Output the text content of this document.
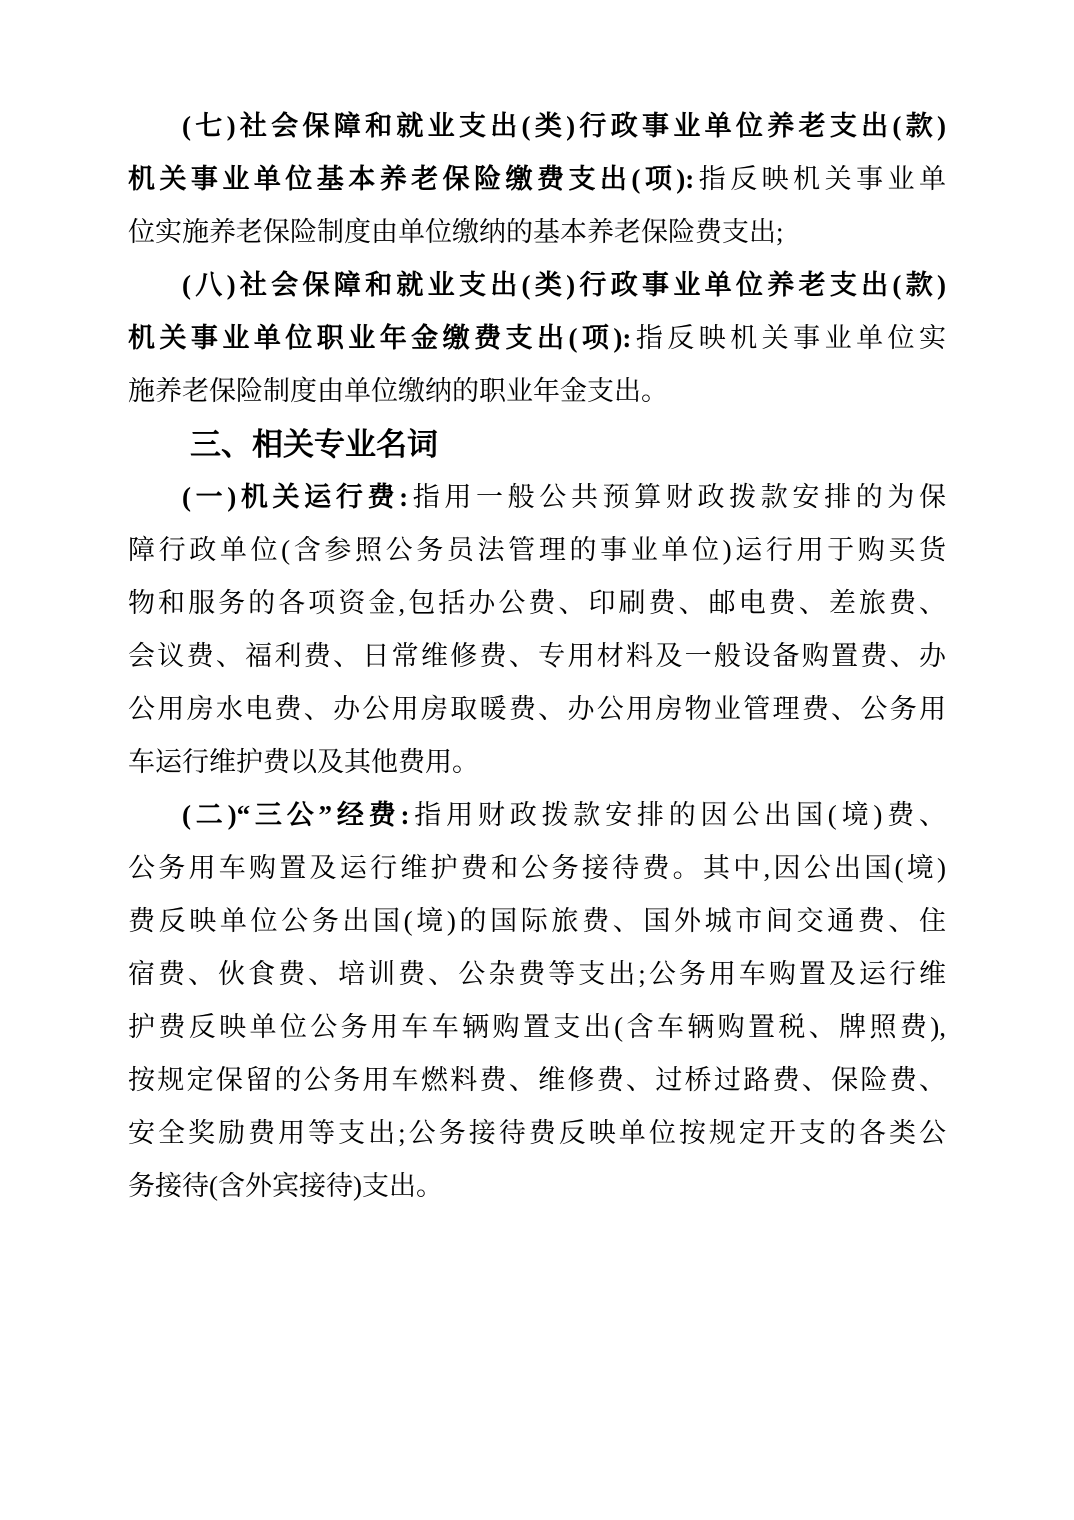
(七)社会保障和就业支出(类)行政事业单位养老支出(款)
机关事业单位基本养老保险缴费支出(项):指反映机关事业单
位实施养老保险制度由单位缴纳的基本养老保险费支出;
(八)社会保障和就业支出(类)行政事业单位养老支出(款)
机关事业单位职业年金缴费支出(项):指反映机关事业单位实
施养老保险制度由单位缴纳的职业年金支出。
三、相关专业名词
(一)机关运行费:指用一般公共预算财政拨款安排的为保
障行政单位(含参照公务员法管理的事业单位)运行用于购买货
物和服务的各项资金,包括办公费、印刷费、邮电费、差旅费、
会议费、福利费、日常维修费、专用材料及一般设备购置费、办
公用房水电费、办公用房取暖费、办公用房物业管理费、公务用
车运行维护费以及其他费用。
(二)“三公”经费:指用财政拨款安排的因公出国(境)费、
公务用车购置及运行维护费和公务接待费。其中,因公出国(境)
费反映单位公务出国(境)的国际旅费、国外城市间交通费、住
宿费、伙食费、培训费、公杂费等支出;公务用车购置及运行维
护费反映单位公务用车车辆购置支出(含车辆购置税、牌照费),
按规定保留的公务用车燃料费、维修费、过桥过路费、保险费、
安全奖励费用等支出;公务接待费反映单位按规定开支的各类公
务接待(含外宾接待)支出。
